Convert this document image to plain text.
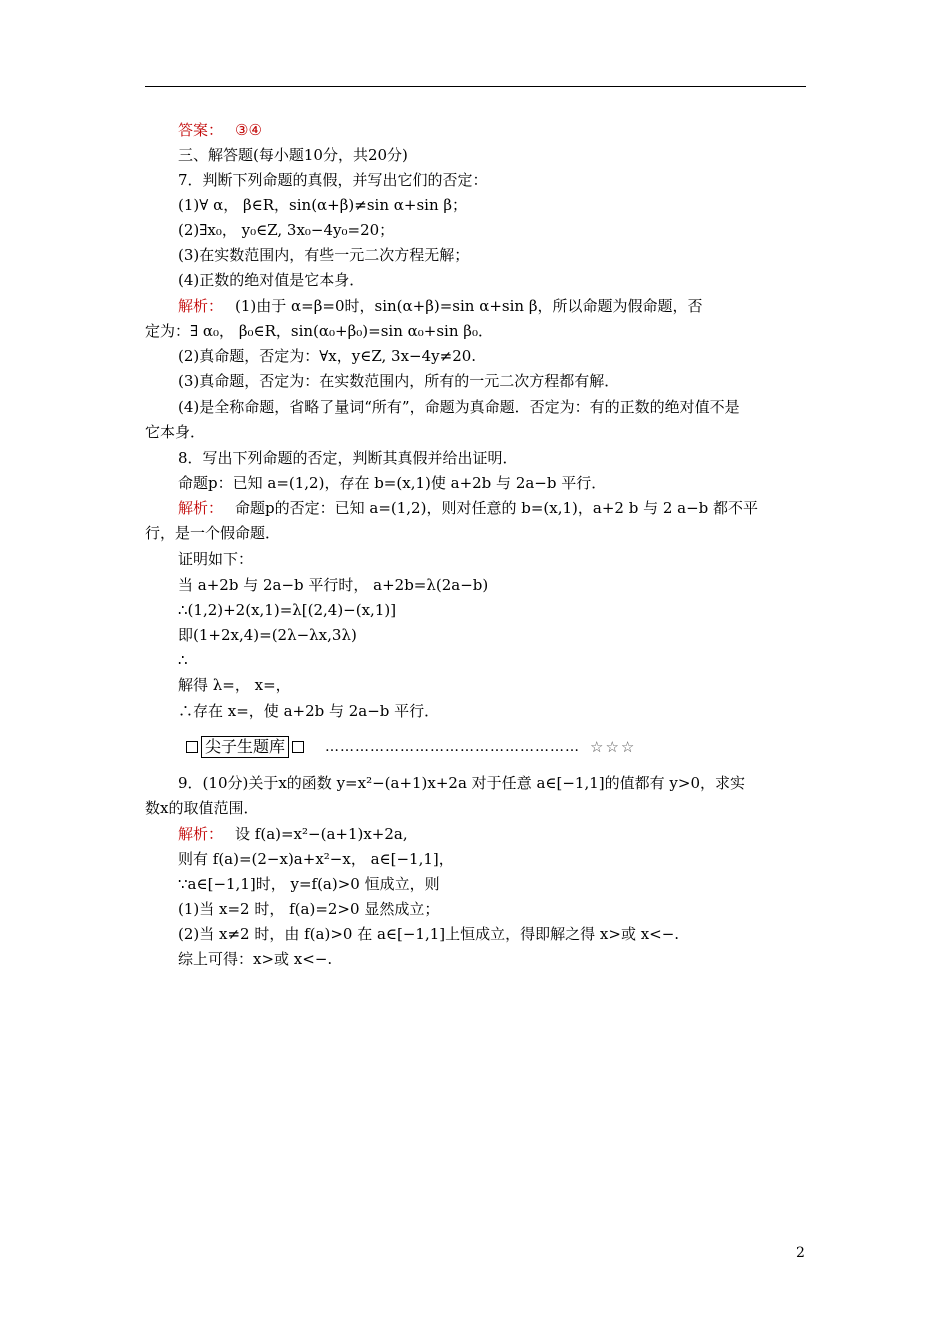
答案： ③④
三、解答题(每小题10分，共20分)
7．判断下列命题的真假，并写出它们的否定：
(1)∀ α， β∈R，sin(α+β)≠sin α+sin β；
(2)∃x₀， y₀∈Z, 3x₀−4y₀=20；
(3)在实数范围内，有些一元二次方程无解；
(4)正数的绝对值是它本身．
解析： (1)由于 α=β=0时，sin(α+β)=sin α+sin β，所以命题为假命题，否
定为：∃ α₀， β₀∈R，sin(α₀+β₀)=sin α₀+sin β₀．
(2)真命题，否定为：∀x，y∈Z, 3x−4y≠20.
(3)真命题，否定为：在实数范围内，所有的一元二次方程都有解．
(4)是全称命题，省略了量词“所有”，命题为真命题．否定为：有的正数的绝对值不是
它本身．
8．写出下列命题的否定，判断其真假并给出证明．
命题p：已知 a=(1,2)，存在 b=(x,1)使 a+2b 与 2a−b 平行．
解析： 命题p的否定：已知 a=(1,2)，则对任意的 b=(x,1)，a+2 b 与 2 a−b 都不平
行，是一个假命题．
证明如下：
当 a+2b 与 2a−b 平行时， a+2b=λ(2a−b)
∴(1,2)+2(x,1)=λ[(2,4)−(x,1)]
即(1+2x,4)=(2λ−λx,3λ)
∴
解得 λ=， x=，
∴存在 x=，使 a+2b 与 2a−b 平行．
尖子生题库	…………………………………………… ☆☆☆
9．(10分)关于x的函数 y=x²−(a+1)x+2a 对于任意 a∈[−1,1]的值都有 y>0，求实
数x的取值范围．
解析： 设 f(a)=x²−(a+1)x+2a,
则有 f(a)=(2−x)a+x²−x， a∈[−1,1]，
∵a∈[−1,1]时， y=f(a)>0 恒成立，则
(1)当 x=2 时， f(a)=2>0 显然成立；
(2)当 x≠2 时，由 f(a)>0 在 a∈[−1,1]上恒成立，得即解之得 x>或 x<−.
综上可得：x>或 x<−.
2
